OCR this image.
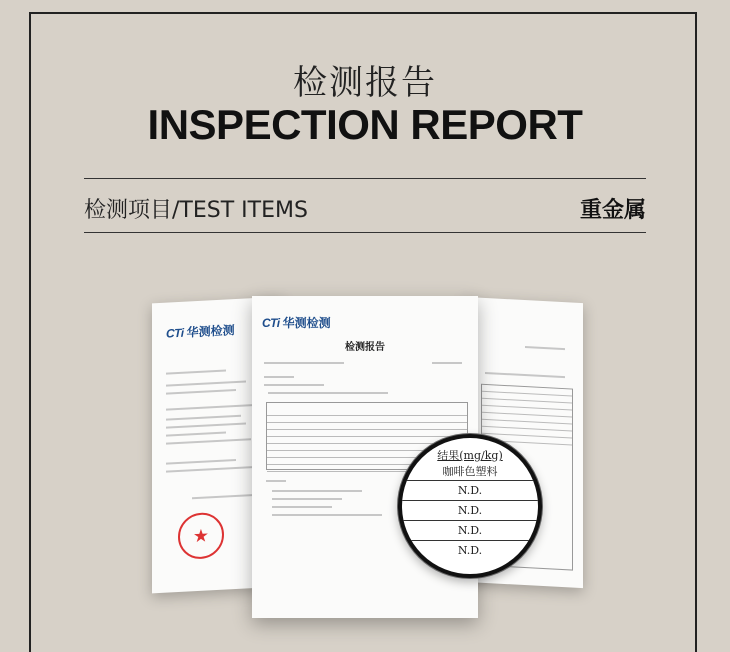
检测报告
INSPECTION REPORT
检测项目/TEST ITEMS	重金属
CTi 华测检测
★
CTi 华测检测
检测报告
结果(mg/kg)
咖啡色塑料
N.D.
N.D.
N.D.
N.D.
